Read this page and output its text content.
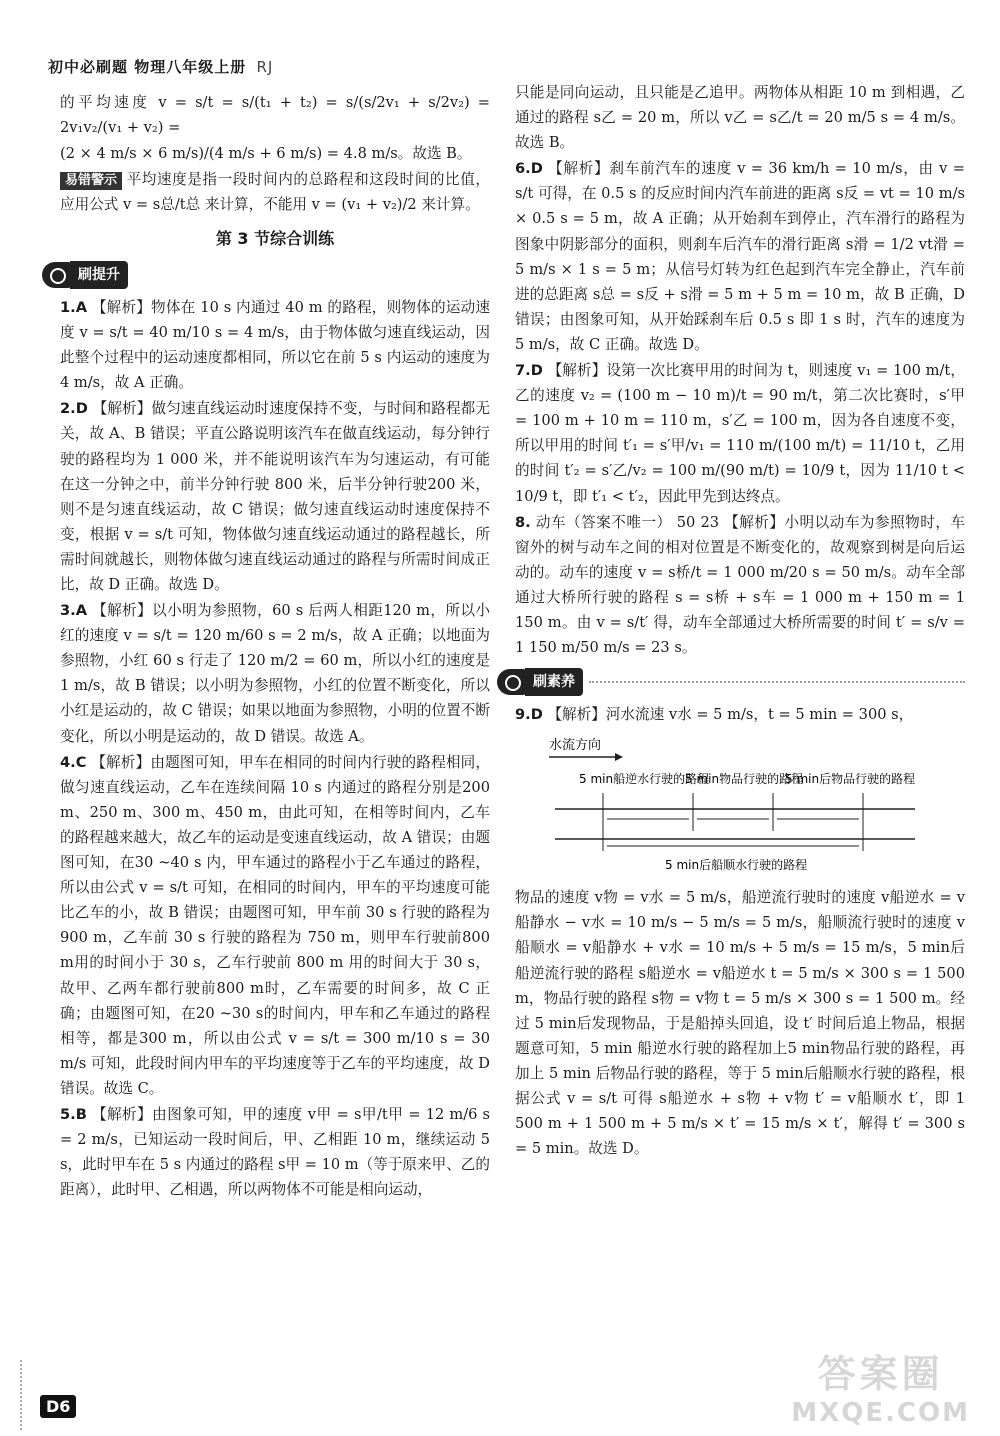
初中必刷题 物理八年级上册 RJ

的平均速度 v = s/t = s/(t₁ + t₂) = s/(s/2v₁ + s/2v₂) = 2v₁v₂/(v₁ + v₂) =

(2 × 4 m/s × 6 m/s)/(4 m/s + 6 m/s) = 4.8 m/s。故选 B。

易错警示 平均速度是指一段时间内的总路程和这段时间的比值，应用公式 v = s总/t总 来计算，不能用 v = (v₁ + v₂)/2 来计算。

第 3 节综合训练
刷提升

1.A 【解析】物体在 10 s 内通过 40 m 的路程，则物体的运动速度 v = s/t = 40 m/10 s = 4 m/s，由于物体做匀速直线运动，因此整个过程中的运动速度都相同，所以它在前 5 s 内运动的速度为 4 m/s，故 A 正确。

2.D 【解析】做匀速直线运动时速度保持不变，与时间和路程都无关，故 A、B 错误；平直公路说明该汽车在做直线运动，每分钟行驶的路程均为 1 000 米，并不能说明该汽车为匀速运动，有可能在这一分钟之中，前半分钟行驶 800 米，后半分钟行驶200 米，则不是匀速直线运动，故 C 错误；做匀速直线运动时速度保持不变，根据 v = s/t 可知，物体做匀速直线运动通过的路程越长，所需时间就越长，则物体做匀速直线运动通过的路程与所需时间成正比，故 D 正确。故选 D。

3.A 【解析】以小明为参照物，60 s 后两人相距120 m，所以小红的速度 v = s/t = 120 m/60 s = 2 m/s，故 A 正确；以地面为参照物，小红 60 s 行走了 120 m/2 = 60 m，所以小红的速度是 1 m/s，故 B 错误；以小明为参照物，小红的位置不断变化，所以小红是运动的，故 C 错误；如果以地面为参照物，小明的位置不断变化，所以小明是运动的，故 D 错误。故选 A。

4.C 【解析】由题图可知，甲车在相同的时间内行驶的路程相同，做匀速直线运动，乙车在连续间隔 10 s 内通过的路程分别是200 m、250 m、300 m、450 m，由此可知，在相等时间内，乙车的路程越来越大，故乙车的运动是变速直线运动，故 A 错误；由题图可知，在30 ~40 s 内，甲车通过的路程小于乙车通过的路程，所以由公式 v = s/t 可知，在相同的时间内，甲车的平均速度可能比乙车的小，故 B 错误；由题图可知，甲车前 30 s 行驶的路程为 900 m，乙车前 30 s 行驶的路程为 750 m，则甲车行驶前800 m用的时间小于 30 s，乙车行驶前 800 m 用的时间大于 30 s，故甲、乙两车都行驶前800 m时，乙车需要的时间多，故 C 正确；由题图可知，在20 ~30 s的时间内，甲车和乙车通过的路程相等，都是300 m，所以由公式 v = s/t = 300 m/10 s = 30 m/s 可知，此段时间内甲车的平均速度等于乙车的平均速度，故 D 错误。故选 C。

5.B 【解析】由图象可知，甲的速度 v甲 = s甲/t甲 = 12 m/6 s = 2 m/s，已知运动一段时间后，甲、乙相距 10 m，继续运动 5 s，此时甲车在 5 s 内通过的路程 s甲 = 10 m（等于原来甲、乙的距离），此时甲、乙相遇，所以两物体不可能是相向运动，

只能是同向运动，且只能是乙追甲。两物体从相距 10 m 到相遇，乙通过的路程 s乙 = 20 m，所以 v乙 = s乙/t = 20 m/5 s = 4 m/s。故选 B。

6.D 【解析】刹车前汽车的速度 v = 36 km/h = 10 m/s，由 v = s/t 可得，在 0.5 s 的反应时间内汽车前进的距离 s反 = vt = 10 m/s × 0.5 s = 5 m，故 A 正确；从开始刹车到停止，汽车滑行的路程为图象中阴影部分的面积，则刹车后汽车的滑行距离 s滑 = 1/2 vt滑 = 5 m/s × 1 s = 5 m；从信号灯转为红色起到汽车完全静止，汽车前进的总距离 s总 = s反 + s滑 = 5 m + 5 m = 10 m，故 B 正确，D 错误；由图象可知，从开始踩刹车后 0.5 s 即 1 s 时，汽车的速度为 5 m/s，故 C 正确。故选 D。

7.D 【解析】设第一次比赛甲用的时间为 t，则速度 v₁ = 100 m/t，乙的速度 v₂ = (100 m − 10 m)/t = 90 m/t，第二次比赛时，s′甲 = 100 m + 10 m = 110 m，s′乙 = 100 m，因为各自速度不变，所以甲用的时间 t′₁ = s′甲/v₁ = 110 m/(100 m/t) = 11/10 t，乙用的时间 t′₂ = s′乙/v₂ = 100 m/(90 m/t) = 10/9 t，因为 11/10 t < 10/9 t，即 t′₁ < t′₂，因此甲先到达终点。

8. 动车（答案不唯一） 50 23 【解析】小明以动车为参照物时，车窗外的树与动车之间的相对位置是不断变化的，故观察到树是向后运动的。动车的速度 v = s桥/t = 1 000 m/20 s = 50 m/s。动车全部通过大桥所行驶的路程 s = s桥 + s车 = 1 000 m + 150 m = 1 150 m。由 v = s/t′ 得，动车全部通过大桥所需要的时间 t′ = s/v = 1 150 m/50 m/s = 23 s。

刷素养

9.D 【解析】河水流速 v水 = 5 m/s，t = 5 min = 300 s，

水流方向
5 min船逆水行驶的路程
5 min物品行驶的路程
5 min后物品行驶的路程
5 min后船顺水行驶的路程

物品的速度 v物 = v水 = 5 m/s，船逆流行驶时的速度 v船逆水 = v船静水 − v水 = 10 m/s − 5 m/s = 5 m/s，船顺流行驶时的速度 v船顺水 = v船静水 + v水 = 10 m/s + 5 m/s = 15 m/s，5 min后船逆流行驶的路程 s船逆水 = v船逆水 t = 5 m/s × 300 s = 1 500 m，物品行驶的路程 s物 = v物 t = 5 m/s × 300 s = 1 500 m。经过 5 min后发现物品，于是船掉头回追，设 t′ 时间后追上物品，根据题意可知，5 min 船逆水行驶的路程加上5 min物品行驶的路程，再加上 5 min 后物品行驶的路程，等于 5 min后船顺水行驶的路程，根据公式 v = s/t 可得 s船逆水 + s物 + v物 t′ = v船顺水 t′，即 1 500 m + 1 500 m + 5 m/s × t′ = 15 m/s × t′，解得 t′ = 300 s = 5 min。故选 D。

D6
答案圈
MXQE.COM
